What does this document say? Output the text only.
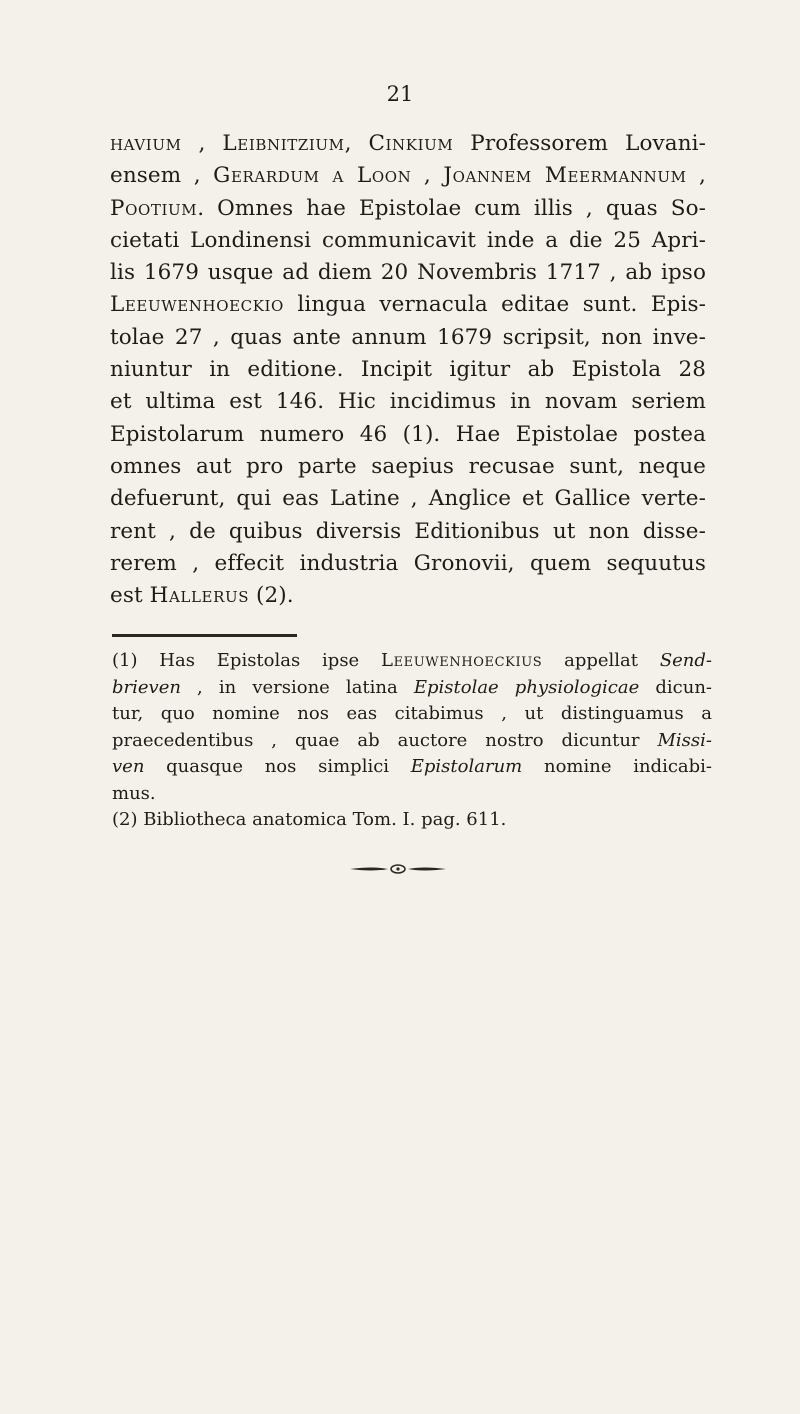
21
havium , Leibnitzium, Cinkium Professorem Lovani-
ensem , Gerardum a Loon , Joannem Meermannum ,
Pootium. Omnes hae Epistolae cum illis , quas So-
cietati Londinensi communicavit inde a die 25 Apri-
lis 1679 usque ad diem 20 Novembris 1717 , ab ipso
Leeuwenhoeckio lingua vernacula editae sunt. Epis-
tolae 27 , quas ante annum 1679 scripsit, non inve-
niuntur in editione. Incipit igitur ab Epistola 28
et ultima est 146. Hic incidimus in novam seriem
Epistolarum numero 46 (1). Hae Epistolae postea
omnes aut pro parte saepius recusae sunt, neque
defuerunt, qui eas Latine , Anglice et Gallice verte-
rent , de quibus diversis Editionibus ut non disse-
rerem , effecit industria Gronovii, quem sequutus
est Hallerus (2).
(1) Has Epistolas ipse Leeuwenhoeckius appellat Send-
brieven , in versione latina Epistolae physiologicae dicun-
tur, quo nomine nos eas citabimus , ut distinguamus a
praecedentibus , quae ab auctore nostro dicuntur Missi-
ven quasque nos simplici Epistolarum nomine indicabi-
mus.
(2) Bibliotheca anatomica Tom. I. pag. 611.
